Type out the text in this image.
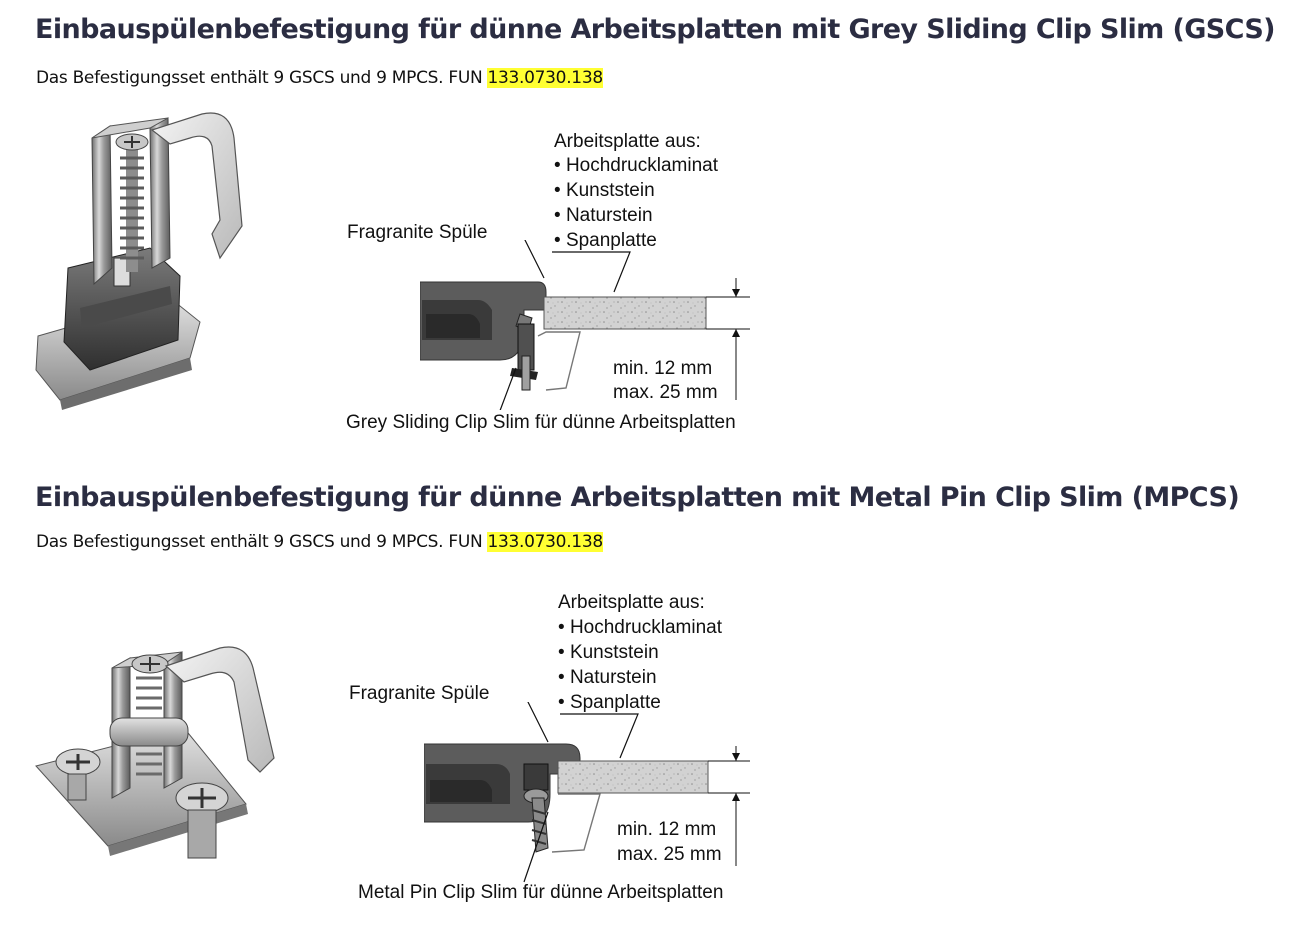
Einbauspülenbefestigung für dünne Arbeitsplatten mit Grey Sliding Clip Slim (GSCS)
Das Befestigungsset enthält 9 GSCS und 9 MPCS. FUN 133.0730.138
Fragranite Spüle
Arbeitsplatte aus:
• Hochdrucklaminat
• Kunststein
• Naturstein
• Spanplatte
min. 12 mm
max. 25 mm
Grey Sliding Clip Slim für dünne Arbeitsplatten
Einbauspülenbefestigung für dünne Arbeitsplatten mit Metal Pin Clip Slim (MPCS)
Das Befestigungsset enthält 9 GSCS und 9 MPCS. FUN 133.0730.138
Fragranite Spüle
Arbeitsplatte aus:
• Hochdrucklaminat
• Kunststein
• Naturstein
• Spanplatte
min. 12 mm
max. 25 mm
Metal Pin Clip Slim für dünne Arbeitsplatten
